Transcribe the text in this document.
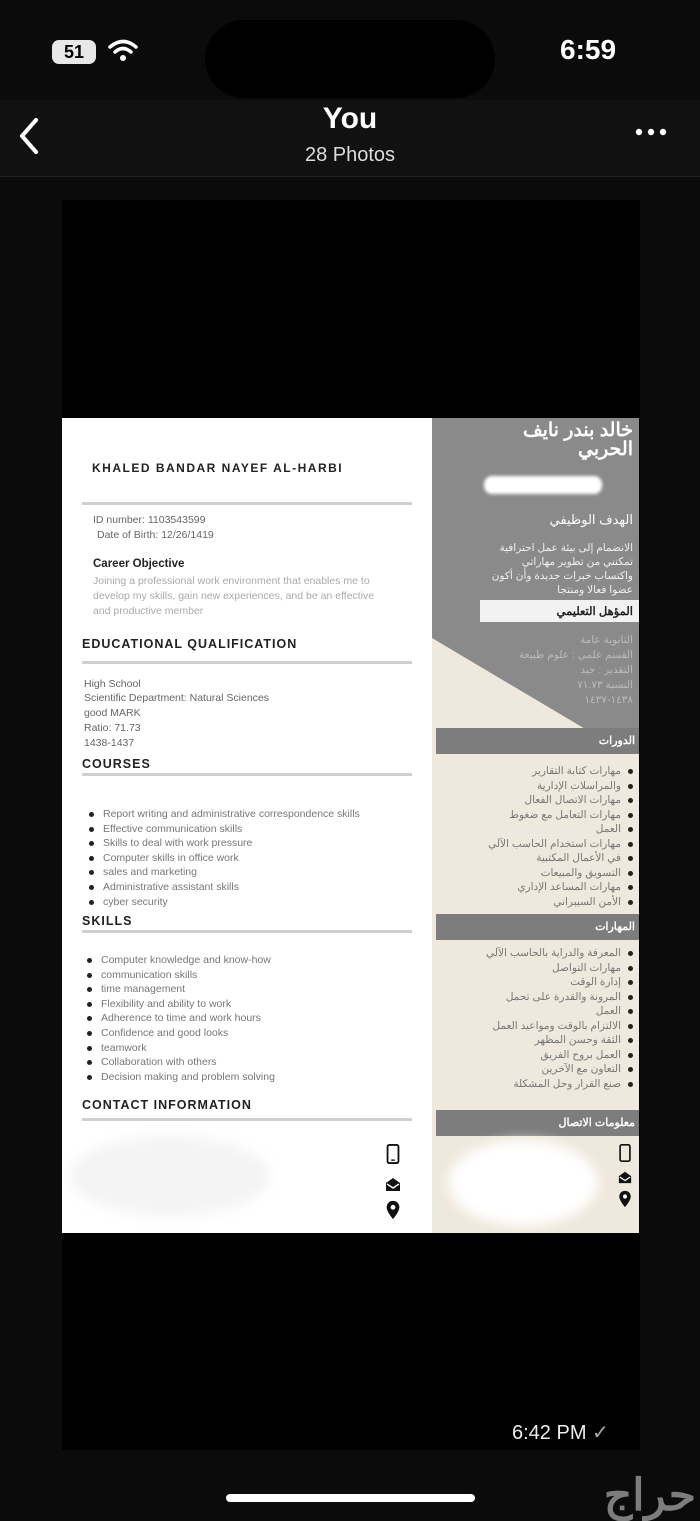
51	6:59
You
28 Photos
KHALED BANDAR NAYEF AL-HARBI
ID number: 1103543599
Date of Birth: 12/26/1419
Career Objective
Joining a professional work environment that enables me to develop my skills, gain new experiences, and be an effective and productive member
EDUCATIONAL QUALIFICATION
High School
Scientific Department: Natural Sciences
good MARK
Ratio: 71.73
1438-1437
COURSES
Report writing and administrative correspondence skills
Effective communication skills
Skills to deal with work pressure
Computer skills in office work
sales and marketing
Administrative assistant skills
cyber security
SKILLS
Computer knowledge and know-how
communication skills
time management
Flexibility and ability to work
Adherence to time and work hours
Confidence and good looks
teamwork
Collaboration with others
Decision making and problem solving
CONTACT INFORMATION
خالد بندر نايف
الحربي
الهدف الوظيفي
الانضمام إلى بيئة عمل احترافية
تمكنني من تطوير مهاراتي
واكتساب خبرات جديدة وأن أكون
عضوا فعالا ومنتجا
المؤهل التعليمي
الثانوية عامة
القسم علمي : علوم طبيعة
التقدير : جيد
النسبة ٧١.٧٣
١٤٣٨-١٤٣٧
الدورات
مهارات كتابة التقارير
والمراسلات الإدارية
مهارات الاتصال الفعال
مهارات التعامل مع ضغوط
العمل
مهارات استخدام الحاسب الآلي
في الأعمال المكتبية
التسويق والمبيعات
مهارات المساعد الإداري
الأمن السيبراني
المهارات
المعرفة والدراية بالحاسب الآلي
مهارات التواصل
إدارة الوقت
المرونة والقدرة على تحمل
العمل
الالتزام بالوقت ومواعيد العمل
الثقة وحسن المظهر
العمل بروح الفريق
التعاون مع الآخرين
صنع القرار وحل المشكلة
معلومات الاتصال
6:42 PM ✓
حراج
